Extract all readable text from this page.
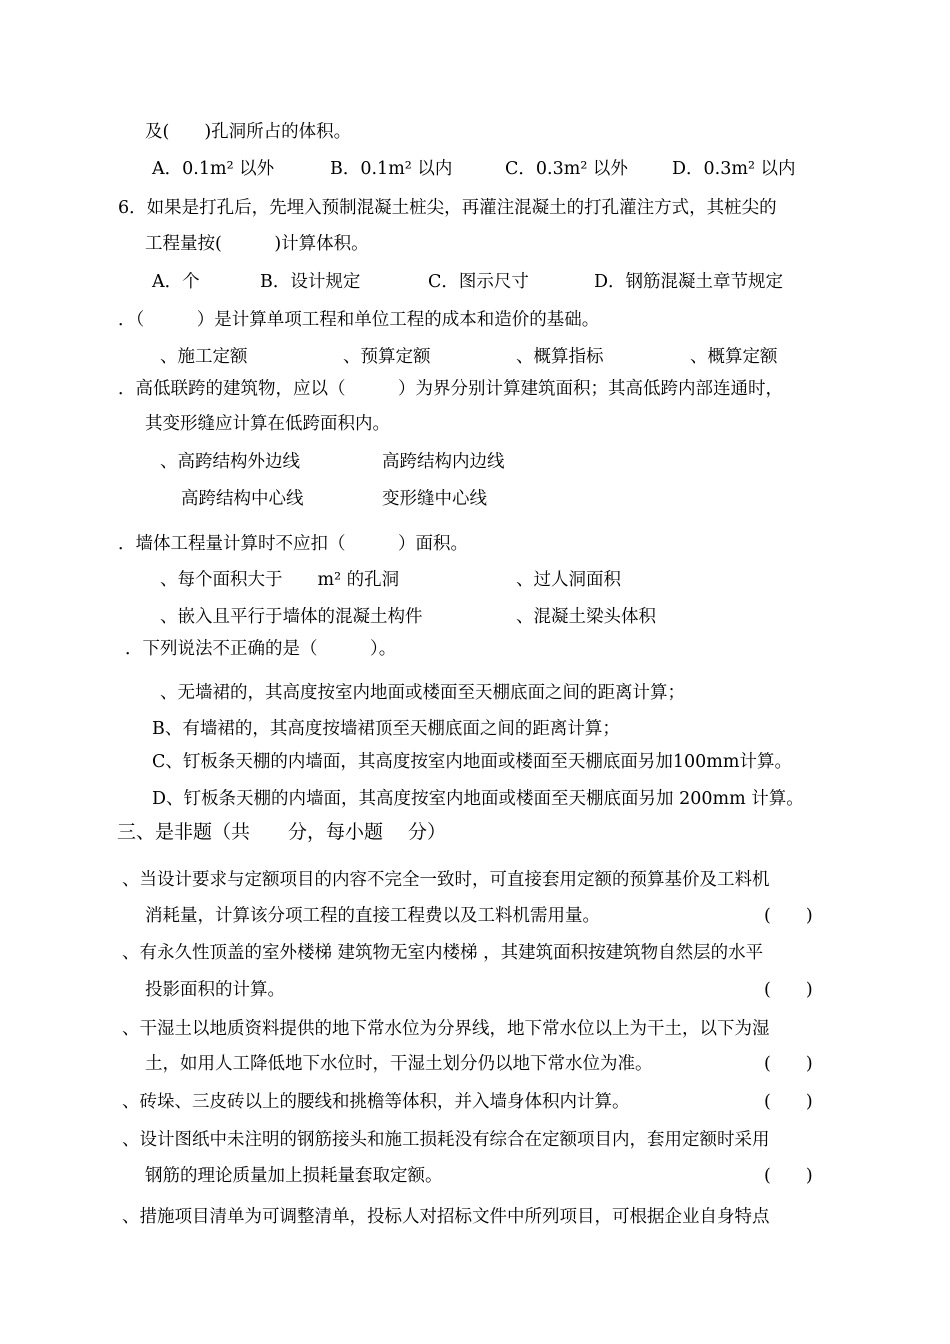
及(　　)孔洞所占的体积。
A．0.1m² 以外	B．0.1m² 以内	C．0.3m² 以外	D．0.3m² 以内
6．如果是打孔后，先埋入预制混凝土桩尖，再灌注混凝土的打孔灌注方式，其桩尖的
工程量按(　　　)计算体积。
A．个	B．设计规定	C．图示尺寸	D．钢筋混凝土章节规定
．（　　　）是计算单项工程和单位工程的成本和造价的基础。
、施工定额	、预算定额	、概算指标	、概算定额
．高低联跨的建筑物，应以（　　　）为界分别计算建筑面积；其高低跨内部连通时，
其变形缝应计算在低跨面积内。
、高跨结构外边线	高跨结构内边线
高跨结构中心线	变形缝中心线
．墙体工程量计算时不应扣（　　　）面积。
、每个面积大于　　m² 的孔洞	、过人洞面积
、嵌入且平行于墙体的混凝土构件	、混凝土梁头体积
．下列说法不正确的是（　　　）。
、无墙裙的，其高度按室内地面或楼面至天棚底面之间的距离计算；
B、有墙裙的，其高度按墙裙顶至天棚底面之间的距离计算；
C、钉板条天棚的内墙面，其高度按室内地面或楼面至天棚底面另加100mm计算。
D、钉板条天棚的内墙面，其高度按室内地面或楼面至天棚底面另加 200mm 计算。
三、是非题（共　　分，每小题　 分）
、当设计要求与定额项目的内容不完全一致时，可直接套用定额的预算基价及工料机
消耗量，计算该分项工程的直接工程费以及工料机需用量。	(　　)
、有永久性顶盖的室外楼梯 建筑物无室内楼梯 ，其建筑面积按建筑物自然层的水平
投影面积的计算。	(　　)
、干湿土以地质资料提供的地下常水位为分界线，地下常水位以上为干土，以下为湿
土，如用人工降低地下水位时，干湿土划分仍以地下常水位为准。	(　　)
、砖垛、三皮砖以上的腰线和挑檐等体积，并入墙身体积内计算。	(　　)
、设计图纸中未注明的钢筋接头和施工损耗没有综合在定额项目内，套用定额时采用
钢筋的理论质量加上损耗量套取定额。	(　　)
、措施项目清单为可调整清单，投标人对招标文件中所列项目，可根据企业自身特点
